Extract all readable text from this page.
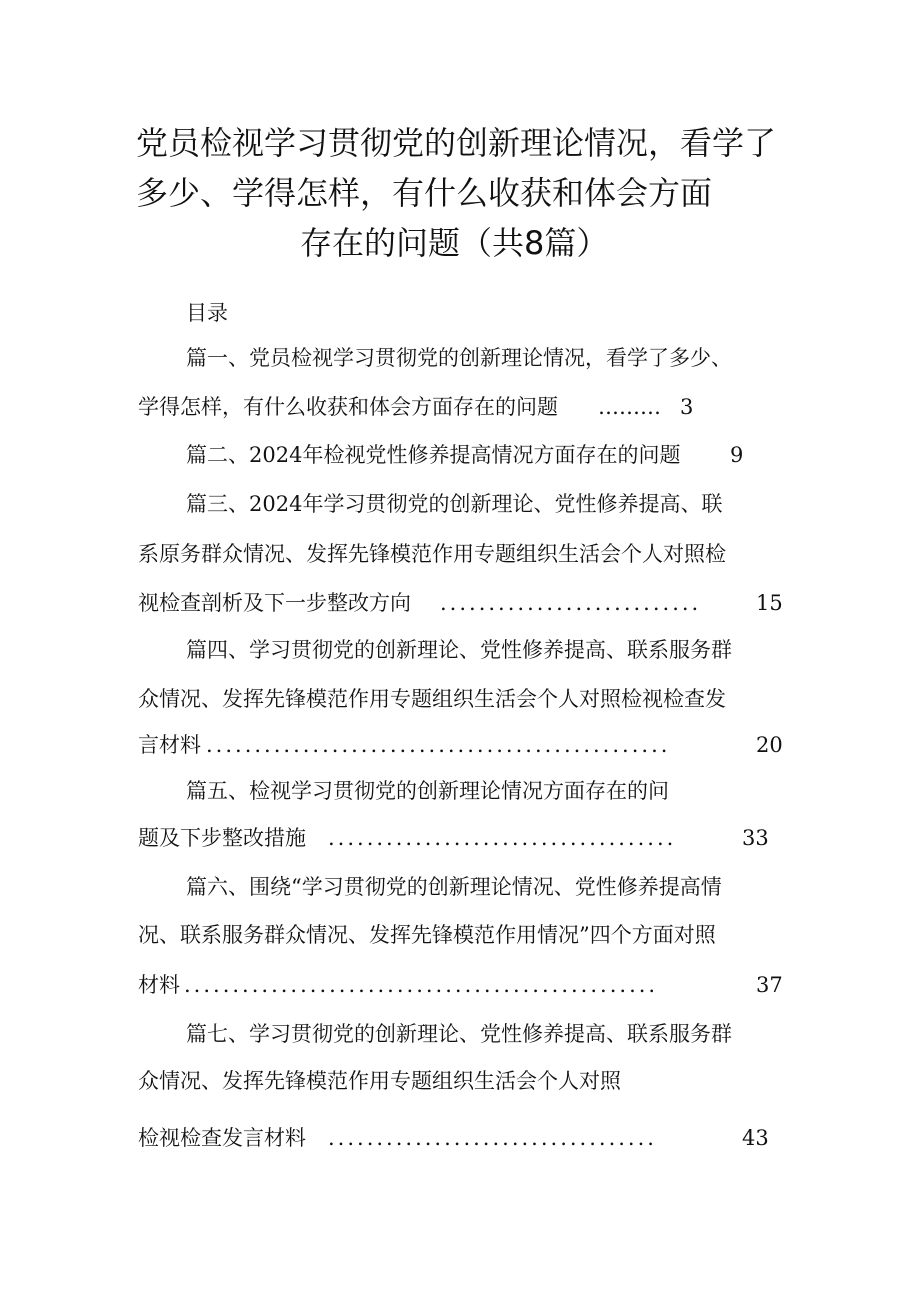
党员检视学习贯彻党的创新理论情况，看学了
多少、学得怎样，有什么收获和体会方面
存在的问题（共8篇）
目录
篇一、党员检视学习贯彻党的创新理论情况，看学了多少、
学得怎样，有什么收获和体会方面存在的问题 ……… 3
篇二、2024年检视党性修养提高情况方面存在的问题 9
篇三、2024年学习贯彻党的创新理论、党性修养提高、联
系原务群众情况、发挥先锋模范作用专题组织生活会个人对照检
视检查剖析及下一步整改方向 ...........................	15
篇四、学习贯彻党的创新理论、党性修养提高、联系服务群
众情况、发挥先锋模范作用专题组织生活会个人对照检视检查发
言材料 ................................................	20
篇五、检视学习贯彻党的创新理论情况方面存在的问
题及下步整改措施 ....................................	33
篇六、围绕“学习贯彻党的创新理论情况、党性修养提高情
况、联系服务群众情况、发挥先锋模范作用情况”四个方面对照
材料 .................................................	37
篇七、学习贯彻党的创新理论、党性修养提高、联系服务群
众情况、发挥先锋模范作用专题组织生活会个人对照
检视检查发言材料 ..................................	43
